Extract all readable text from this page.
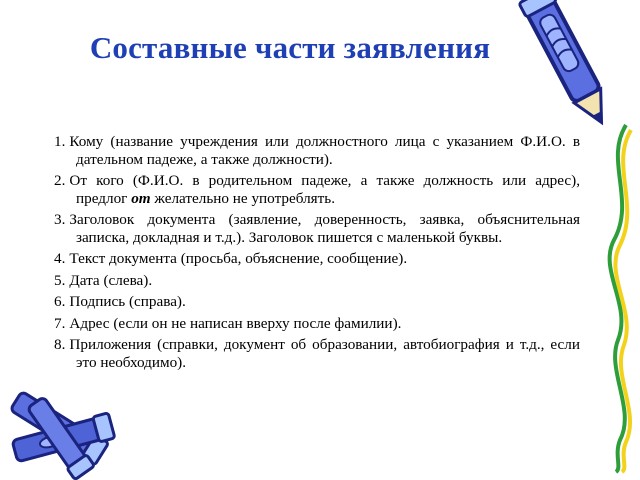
Составные части заявления
1. Кому (название учреждения или должностного лица с указанием Ф.И.О. в дательном падеже, а также должности).
2. От кого (Ф.И.О. в родительном падеже, а также должность или адрес), предлог от желательно не употреблять.
3. Заголовок документа (заявление, доверенность, заявка, объяснительная записка, докладная и т.д.). Заголовок пишется с маленькой буквы.
4. Текст документа (просьба, объяснение, сообщение).
5. Дата (слева).
6. Подпись (справа).
7. Адрес (если он не написан вверху после фамилии).
8. Приложения (справки, документ об образовании, автобиография и т.д., если это необходимо).
